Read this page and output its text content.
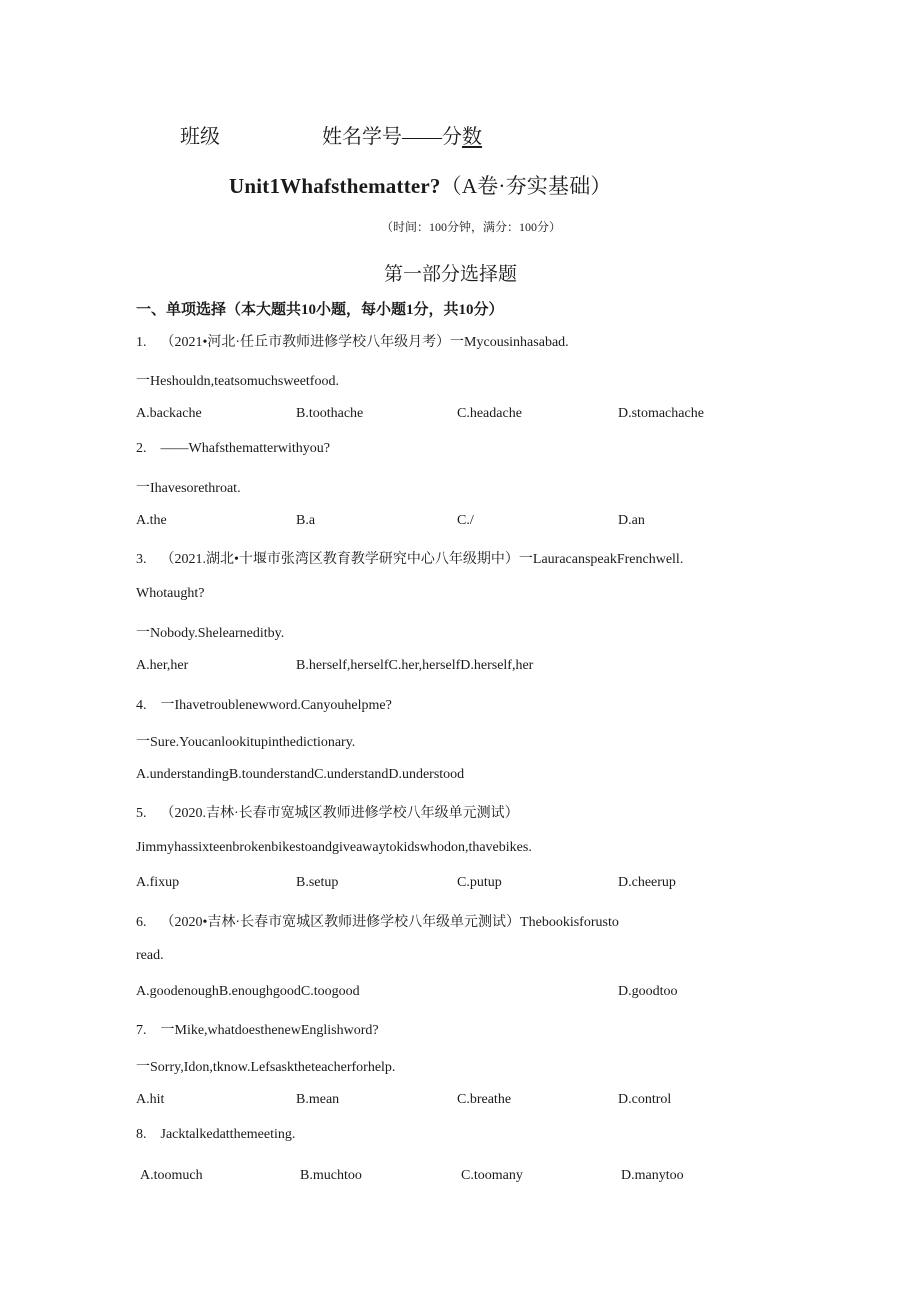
班级	姓名学号——分数
Unit1Whafsthematter?（A卷·夯实基础）
（时间：100分钟，满分：100分）
第一部分选择题
一、单项选择（本大题共10小题，每小题1分，共10分）
1.    （2021•河北·任丘市教师进修学校八年级月考）一Mycousinhasabad.
一Heshouldn,teatsomuchsweetfood.
A.backache	B.toothache	C.headache	D.stomachache
2.    ——Whafsthematterwithyou?
一Ihavesorethroat.
A.the	B.a	C./	D.an
3.    （2021.湖北•十堰市张湾区教育教学研究中心八年级期中）一LauracanspeakFrenchwell.
Whotaught?
一Nobody.Shelearneditby.
A.her,her	B.herself,herselfC.her,herselfD.herself,her
4.    一Ihavetroublenewword.Canyouhelpme?
一Sure.Youcanlookitupinthedictionary.
A.understandingB.tounderstandC.understandD.understood
5.    （2020.吉林·长春市宽城区教师进修学校八年级单元测试）
Jimmyhassixteenbrokenbikestoandgiveawaytokidswhodon,thavebikes.
A.fixup	B.setup	C.putup	D.cheerup
6.    （2020•吉林·长春市宽城区教师进修学校八年级单元测试）Thebookisforusto
read.
A.goodenoughB.enoughgoodC.toogood	D.goodtoo
7.    一Mike,whatdoesthenewEnglishword?
一Sorry,Idon,tknow.Lefsasktheteacherforhelp.
A.hit	B.mean	C.breathe	D.control
8.    Jacktalkedatthemeeting.
A.toomuch	B.muchtoo	C.toomany	D.manytoo
